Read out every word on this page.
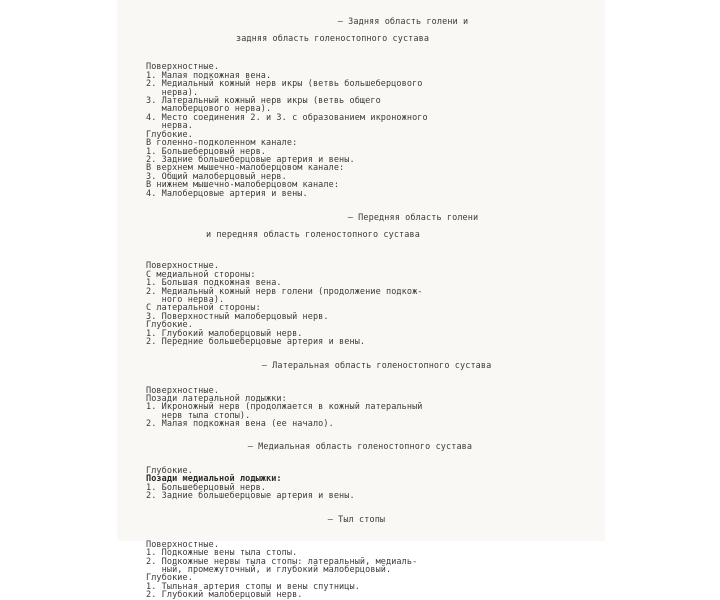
— Задняя область голени и

задняя область голеностопного сустава

Поверхностные.
1. Малая подкожная вена.
2. Медиальный кожный нерв икры (ветвь большеберцового
нерва).
3. Латеральный кожный нерв икры (ветвь общего
малоберцового нерва).
4. Место соединения 2. и 3. с образованием икроножного
нерва.
Глубокие.
В голенно-подколенном канале:
1. Большеберцовый нерв.
2. Задние большеберцовые артерия и вены.
В верхнем мышечно-малоберцовом канале:
3. Общий малоберцовый нерв.
В нижнем мышечно-малоберцовом канале:
4. Малоберцовые артерия и вены.

— Передняя область голени

и передняя область голеностопного сустава

Поверхностные.
С медиальной стороны:
1. Большая подкожная вена.
2. Медиальный кожный нерв голени (продолжение подкож-
ного нерва).
С латеральной стороны:
3. Поверхностный малоберцовый нерв.
Глубокие.
1. Глубокий малоберцовый нерв.
2. Передние большеберцовые артерия и вены.

— Латеральная область голеностопного сустава

Поверхностные.
Позади латеральной лодыжки:
1. Икроножный нерв (продолжается в кожный латеральный
нерв тыла стопы).
2. Малая подкожная вена (ее начало).

— Медиальная область голеностопного сустава

Глубокие.
Позади медиальной лодыжки:
1. Большеберцовый нерв.
2. Задние большеберцовые артерия и вены.

— Тыл стопы

Поверхностные.
1. Подкожные вены тыла стопы.
2. Подкожные нервы тыла стопы: латеральный, медиаль-
ный, промежуточный, и глубокий малоберцовый.
Глубокие.
1. Тыльная артерия стопы и вены спутницы.
2. Глубокий малоберцовый нерв.
